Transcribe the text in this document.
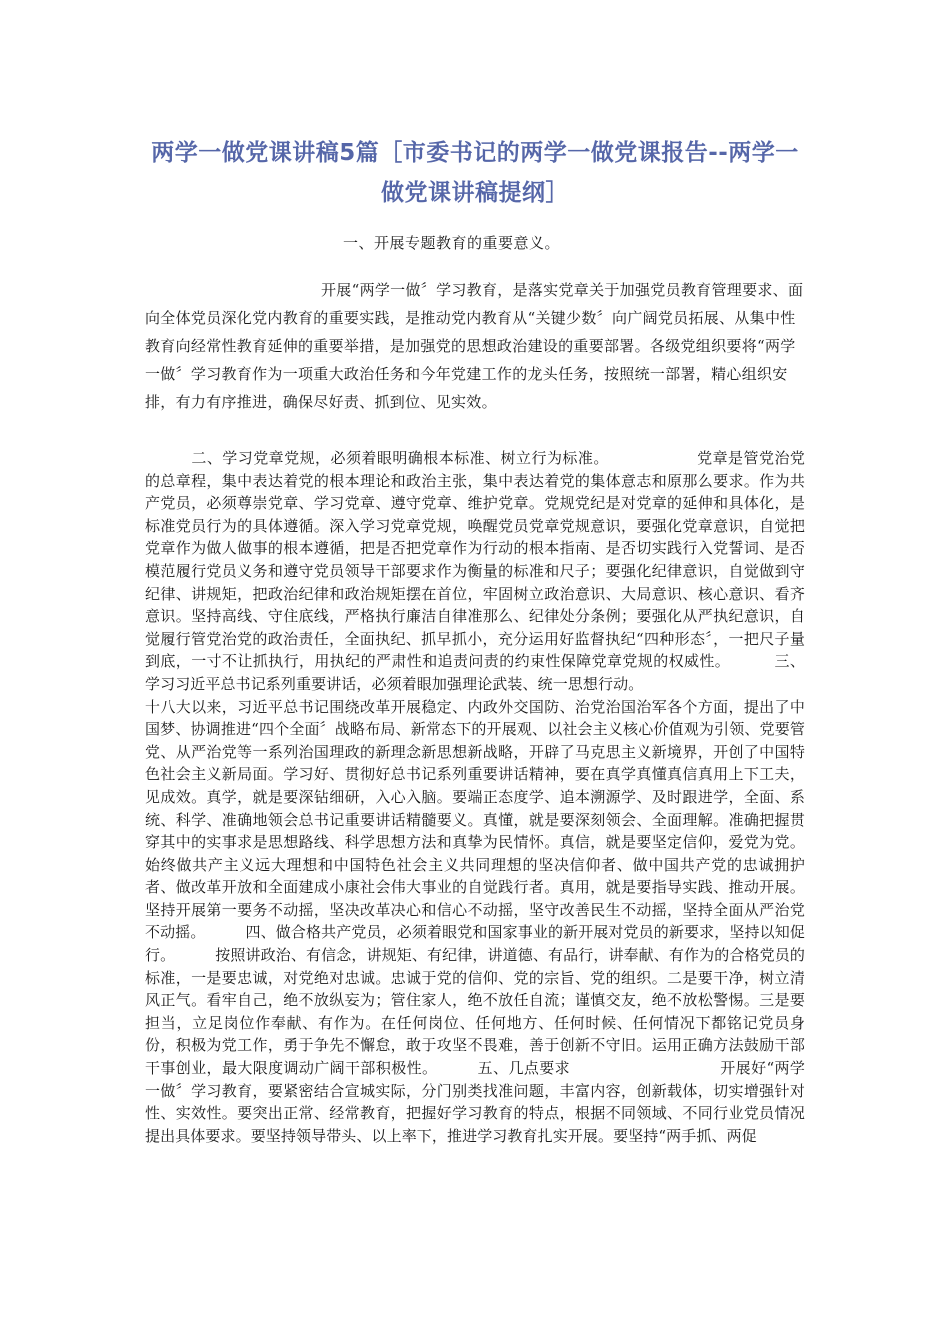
两学一做党课讲稿5篇［市委书记的两学一做党课报告--两学一做党课讲稿提纲］
一、开展专题教育的重要意义。
开展“两学一做〞学习教育，是落实党章关于加强党员教育管理要求、面向全体党员深化党内教育的重要实践，是推动党内教育从“关键少数〞向广阔党员拓展、从集中性教育向经常性教育延伸的重要举措，是加强党的思想政治建设的重要部署。各级党组织要将“两学一做〞学习教育作为一项重大政治任务和今年党建工作的龙头任务，按照统一部署，精心组织安排，有力有序推进，确保尽好责、抓到位、见实效。

二、学习党章党规，必须着眼明确根本标准、树立行为标准。	党章是管党治党的总章程，集中表达着党的根本理论和政治主张，集中表达着党的集体意志和原那么要求。作为共产党员，必须尊崇党章、学习党章、遵守党章、维护党章。党规党纪是对党章的延伸和具体化，是标准党员行为的具体遵循。深入学习党章党规，唤醒党员党章党规意识，要强化党章意识，自觉把党章作为做人做事的根本遵循，把是否把党章作为行动的根本指南、是否切实践行入党誓词、是否模范履行党员义务和遵守党员领导干部要求作为衡量的标准和尺子；要强化纪律意识，自觉做到守纪律、讲规矩，把政治纪律和政治规矩摆在首位，牢固树立政治意识、大局意识、核心意识、看齐意识。坚持高线、守住底线，严格执行廉洁自律准那么、纪律处分条例；要强化从严执纪意识，自觉履行管党治党的政治责任，全面执纪、抓早抓小，充分运用好监督执纪“四种形态〞，一把尺子量到底，一寸不让抓执行，用执纪的严肃性和追责问责的约束性保障党章党规的权威性。	三、学习习近平总书记系列重要讲话，必须着眼加强理论武装、统一思想行动。
十八大以来，习近平总书记围绕改革开展稳定、内政外交国防、治党治国治军各个方面，提出了中国梦、协调推进“四个全面〞战略布局、新常态下的开展观、以社会主义核心价值观为引领、党要管党、从严治党等一系列治国理政的新理念新思想新战略，开辟了马克思主义新境界，开创了中国特色社会主义新局面。学习好、贯彻好总书记系列重要讲话精神，要在真学真懂真信真用上下工夫，见成效。真学，就是要深钻细研，入心入脑。要端正态度学、追本溯源学、及时跟进学，全面、系统、科学、准确地领会总书记重要讲话精髓要义。真懂，就是要深刻领会、全面理解。准确把握贯穿其中的实事求是思想路线、科学思想方法和真挚为民情怀。真信，就是要坚定信仰，爱党为党。始终做共产主义远大理想和中国特色社会主义共同理想的坚决信仰者、做中国共产党的忠诚拥护者、做改革开放和全面建成小康社会伟大事业的自觉践行者。真用，就是要指导实践、推动开展。坚持开展第一要务不动摇，坚决改革决心和信心不动摇，坚守改善民生不动摇，坚持全面从严治党不动摇。	四、做合格共产党员，必须着眼党和国家事业的新开展对党员的新要求，坚持以知促行。	按照讲政治、有信念，讲规矩、有纪律，讲道德、有品行，讲奉献、有作为的合格党员的标准，一是要忠诚，对党绝对忠诚。忠诚于党的信仰、党的宗旨、党的组织。二是要干净，树立清风正气。看牢自己，绝不放纵妄为；管住家人，绝不放任自流；谨慎交友，绝不放松警惕。三是要担当，立足岗位作奉献、有作为。在任何岗位、任何地方、任何时候、任何情况下都铭记党员身份，积极为党工作，勇于争先不懈怠，敢于攻坚不畏难，善于创新不守旧。运用正确方法鼓励干部干事创业，最大限度调动广阔干部积极性。	五、几点要求	开展好“两学一做〞学习教育，要紧密结合宣城实际，分门别类找准问题，丰富内容，创新载体，切实增强针对性、实效性。要突出正常、经常教育，把握好学习教育的特点，根据不同领域、不同行业党员情况提出具体要求。要坚持领导带头、以上率下，推进学习教育扎实开展。要坚持“两手抓、两促
